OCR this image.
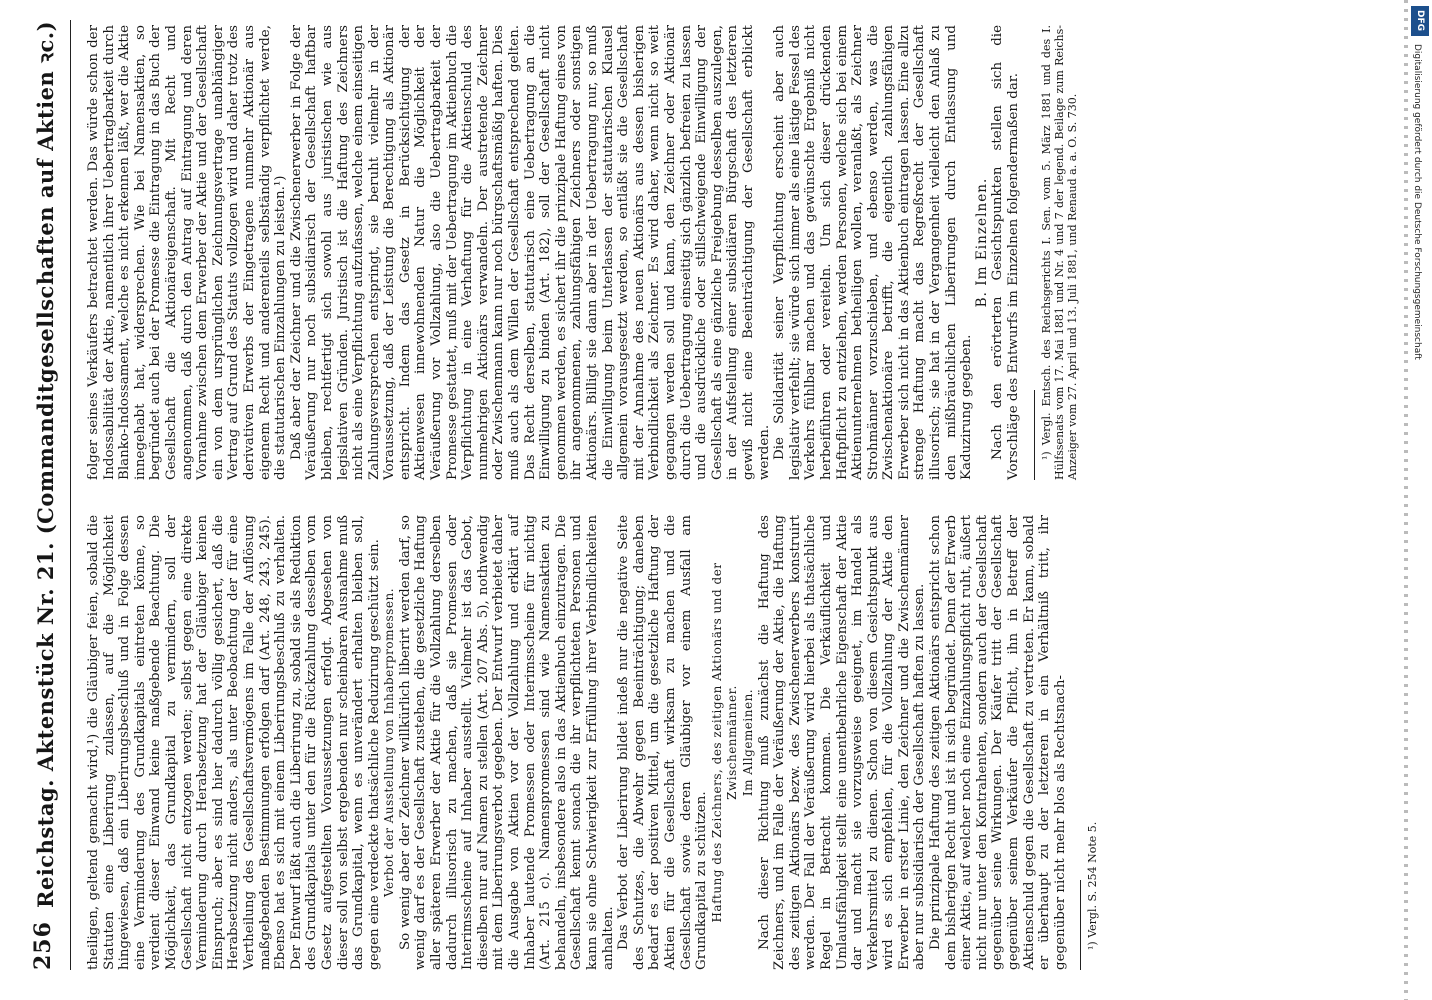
256
Reichstag. Aktenstück Nr. 21. (Commanditgesellschaften auf Aktien ꝛc.) theiligen, geltend gemacht wird,¹) die Gläubiger feien, sobald die Statuten eine Liberirung zulassen, auf die Möglichkeit hingewiesen, daß ein Liberirungsbeschluß und in Folge dessen eine Verminderung des Grundkapitals eintreten könne, so verdient dieser Einwand keine maßgebende Beachtung. Die Möglichkeit, das Grundkapital zu vermindern, soll der Gesellschaft nicht entzogen werden; selbst gegen eine direkte Verminderung durch Herabsetzung hat der Gläubiger keinen Einspruch; aber es sind hier dadurch völlig gesichert, daß die Herabsetzung nicht anders, als unter Beobachtung der für eine Vertheilung des Gesellschaftsvermögens im Falle der Auflösung maßgebenden Bestimmungen erfolgen darf (Art. 248, 243, 245). Ebenso hat es sich mit einem Liberirungsbeschluß zu verhalten. Der Entwurf läßt auch die Liberirung zu, sobald sie als Reduktion des Grundkapitals unter den für die Rückzahlung desselben vom Gesetz aufgestellten Voraussetzungen erfolgt. Abgesehen von dieser soll von selbst ergebenden nur scheinbaren Ausnahme muß das Grundkapital, wenn es unverändert erhalten bleiben soll, gegen eine verdeckte thatsächliche Reduzirung geschützt sein. Verbot der Ausstellung von Inhaberpromessen. So wenig aber der Zeichner willkürlich liberirt werden darf, so wenig darf es der Gesellschaft zustehen, die gesetzliche Haftung aller späteren Erwerber der Aktie für die Vollzahlung derselben dadurch illusorisch zu machen, daß sie Promessen oder Interimsscheine auf Inhaber ausstellt. Vielmehr ist das Gebot, dieselben nur auf Namen zu stellen (Art. 207 Abs. 5), nothwendig mit dem Liberirungsverbot gegeben. Der Entwurf verbietet daher die Ausgabe von Aktien vor der Vollzahlung und erklärt auf Inhaber lautende Promessen oder Interimsscheine für nichtig (Art. 215 c). Namenspromessen sind wie Namensaktien zu behandeln, insbesondere also in das Aktienbuch einzutragen. Die Gesellschaft kennt sonach die ihr verpflichteten Personen und kann sie ohne Schwierigkeit zur Erfüllung ihrer Verbindlichkeiten anhalten. Das Verbot der Liberirung bildet indeß nur die negative Seite des Schutzes, die Abwehr gegen Beeinträchtigung; daneben bedarf es der positiven Mittel, um die gesetzliche Haftung der Aktien für die Gesellschaft wirksam zu machen und die Gesellschaft sowie deren Gläubiger vor einem Ausfall am Grundkapital zu schützen. Haftung des Zeichners, des zeitigen Aktionärs und der Zwischenmänner. Im Allgemeinen. Nach dieser Richtung muß zunächst die Haftung des Zeichners, und im Falle der Veräußerung der Aktie, die Haftung des zeitigen Aktionärs bezw. des Zwischenerwerbers konstruirt werden. Der Fall der Veräußerung wird hierbei als thatsächliche Regel in Betracht kommen. Die Verkäuflichkeit und Umlaufsfähigkeit stellt eine unentbehrliche Eigenschaft der Aktie dar und macht sie vorzugsweise geeignet, im Handel als Verkehrsmittel zu dienen. Schon von diesem Gesichtspunkt aus wird es sich empfehlen, für die Vollzahlung der Aktie den Erwerber in erster Linie, den Zeichner und die Zwischenmänner aber nur subsidiarisch der Gesellschaft haften zu lassen. Die prinzipale Haftung des zeitigen Aktionärs entspricht schon dem bisherigen Recht und ist in sich begründet. Denn der Erwerb einer Aktie, auf welcher noch eine Einzahlungspflicht ruht, äußert nicht nur unter den Kontrahenten, sondern auch der Gesellschaft gegenüber seine Wirkungen. Der Käufer tritt der Gesellschaft gegenüber seinem Verkäufer die Pflicht, ihn in Betreff der Aktienschuld gegen die Gesellschaft zu vertreten. Er kann, sobald er überhaupt zu der letzteren in ein Verhältniß tritt, ihr gegenüber nicht mehr blos als Rechtsnach- ¹) Vergl. S. 254 Note 5.

folger seines Verkäufers betrachtet werden. Das würde schon der Indossabilität der Aktie, namentlich ihrer Uebertragbarkeit durch Blanko-Indossament, welche es nicht erkennen läßt, wer die Aktie innegehabt hat, widersprechen. Wie bei Namensaktien, so begründet auch bei der Promesse die Eintragung in das Buch der Gesellschaft die Aktionäreigenschaft. Mit Recht und angenommen, daß durch den Antrag auf Eintragung und deren Vornahme zwischen dem Erwerber der Aktie und der Gesellschaft ein von dem ursprünglichen Zeichnungsvertrage unabhängiger Vertrag auf Grund des Statuts vollzogen wird und daher trotz des derivativen Erwerbs der Eingetragene nunmehr Aktionär aus eigenem Recht und anderenteils selbständig verpflichtet werde, die statutarischen Einzahlungen zu leisten.¹) Daß aber der Zeichner und die Zwischenerwerber in Folge der Veräußerung nur noch subsidiarisch der Gesellschaft haftbar bleiben, rechtfertigt sich sowohl aus juristischen wie aus legislativen Gründen. Juristisch ist die Haftung des Zeichners nicht als eine Verpflichtung aufzufassen, welche einem einseitigen Zahlungsversprechen entspringt, sie beruht vielmehr in der Voraussetzung, daß der Leistung die Berechtigung als Aktionär entspricht. Indem das Gesetz in Berücksichtigung der Aktienwesen innewohnenden Natur die Möglichkeit der Veräußerung vor Vollzahlung, also die Uebertragbarkeit der Promesse gestattet, muß mit der Uebertragung im Aktienbuch die Verpflichtung in eine Verhaftung für die Aktienschuld des nunmehrigen Aktionärs verwandeln. Der austretende Zeichner oder Zwischenmann kann nur noch bürgschaftsmäßig haften. Dies muß auch als dem Willen der Gesellschaft entsprechend gelten. Das Recht derselben, statutarisch eine Uebertragung an die Einwilligung zu binden (Art. 182), soll der Gesellschaft nicht genommen werden, es sichert ihr die prinzipale Haftung eines von ihr angenommenen, zahlungsfähigen Zeichners oder sonstigen Aktionärs. Billigt sie dann aber in der Uebertragung nur, so muß die Einwilligung beim Unterlassen der statutarischen Klausel allgemein vorausgesetzt werden, so entläßt sie die Gesellschaft mit der Annahme des neuen Aktionärs aus dessen bisherigen Verbindlichkeit als Zeichner. Es wird daher, wenn nicht so weit gegangen werden soll und kann, den Zeichner oder Aktionär durch die Uebertragung einseitig sich gänzlich befreien zu lassen und die ausdrückliche oder stillschweigende Einwilligung der Gesellschaft als eine gänzliche Freigebung desselben auszulegen, in der Aufstellung einer subsidiären Bürgschaft des letzteren gewiß nicht eine Beeinträchtigung der Gesellschaft erblickt werden. Die Solidarität seiner Verpflichtung erscheint aber auch legislativ verfehlt; sie würde sich immer als eine lästige Fessel des Verkehrs fühlbar machen und das gewünschte Ergebniß nicht herbeiführen oder vereiteln. Um sich dieser drückenden Haftpflicht zu entziehen, werden Personen, welche sich bei einem Aktienunternehmen betheiligen wollen, veranlaßt, als Zeichner Strohmänner vorzuschieben, und ebenso werden, was die Zwischenaktionäre betrifft, die eigentlich zahlungsfähigen Erwerber sich nicht in das Aktienbuch eintragen lassen. Eine allzu strenge Haftung macht das Regreßrecht der Gesellschaft illusorisch; sie hat in der Vergangenheit vielleicht den Anlaß zu den mißbräuchlichen Liberirungen durch Entlassung und Kaduzirung gegeben.

B. Im Einzelnen. Nach den erörterten Gesichtspunkten stellen sich die Vorschläge des Entwurfs im Einzelnen folgendermaßen dar. ¹) Vergl. Entsch. des Reichsgerichts I. Sen. vom 5. März 1881 und des I. Hülfssenats vom 17. Mai 1881 und Nr. 4 und 7 der legend. Beilage zum Reichs-Anzeiger vom 27. April und 13. Juli 1881, und Renaud a. a. O. S. 730.

DFG
Digitalisierung gefördert durch die Deutsche Forschungsgemeinschaft
